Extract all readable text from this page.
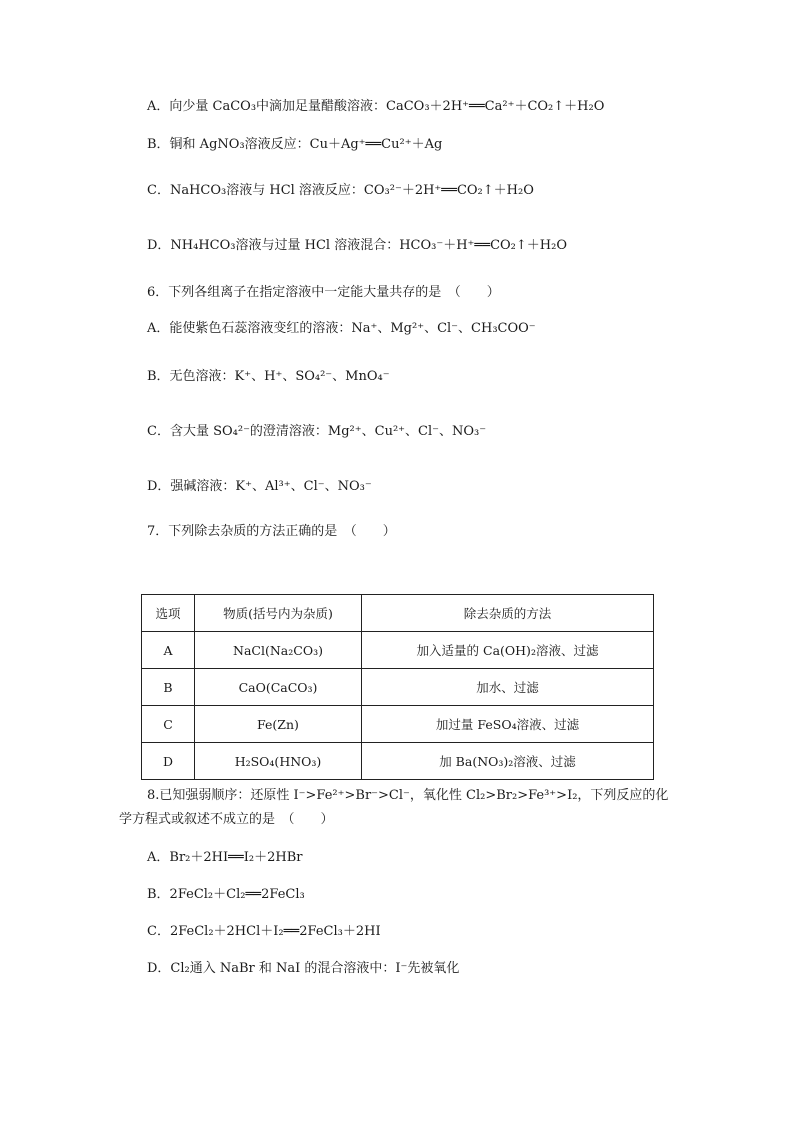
A．向少量 CaCO₃中滴加足量醋酸溶液：CaCO₃＋2H⁺══Ca²⁺＋CO₂↑＋H₂O
B．铜和 AgNO₃溶液反应：Cu＋Ag⁺══Cu²⁺＋Ag
C．NaHCO₃溶液与 HCl 溶液反应：CO₃²⁻＋2H⁺══CO₂↑＋H₂O
D．NH₄HCO₃溶液与过量 HCl 溶液混合：HCO₃⁻＋H⁺══CO₂↑＋H₂O
6．下列各组离子在指定溶液中一定能大量共存的是　（　　）
A．能使紫色石蕊溶液变红的溶液：Na⁺、Mg²⁺、Cl⁻、CH₃COO⁻
B．无色溶液：K⁺、H⁺、SO₄²⁻、MnO₄⁻
C．含大量 SO₄²⁻的澄清溶液：Mg²⁺、Cu²⁺、Cl⁻、NO₃⁻
D．强碱溶液：K⁺、Al³⁺、Cl⁻、NO₃⁻
7．下列除去杂质的方法正确的是　（　　）
选项	物质(括号内为杂质)	除去杂质的方法
A	NaCl(Na₂CO₃)	加入适量的 Ca(OH)₂溶液、过滤
B	CaO(CaCO₃)	加水、过滤
C	Fe(Zn)	加过量 FeSO₄溶液、过滤
D	H₂SO₄(HNO₃)	加 Ba(NO₃)₂溶液、过滤
8.已知强弱顺序：还原性 I⁻>Fe²⁺>Br⁻>Cl⁻，氧化性 Cl₂>Br₂>Fe³⁺>I₂，下列反应的化
学方程式或叙述不成立的是　（　　）
A．Br₂＋2HI══I₂＋2HBr
B．2FeCl₂＋Cl₂══2FeCl₃
C．2FeCl₂＋2HCl＋I₂══2FeCl₃＋2HI
D．Cl₂通入 NaBr 和 NaI 的混合溶液中：I⁻先被氧化
